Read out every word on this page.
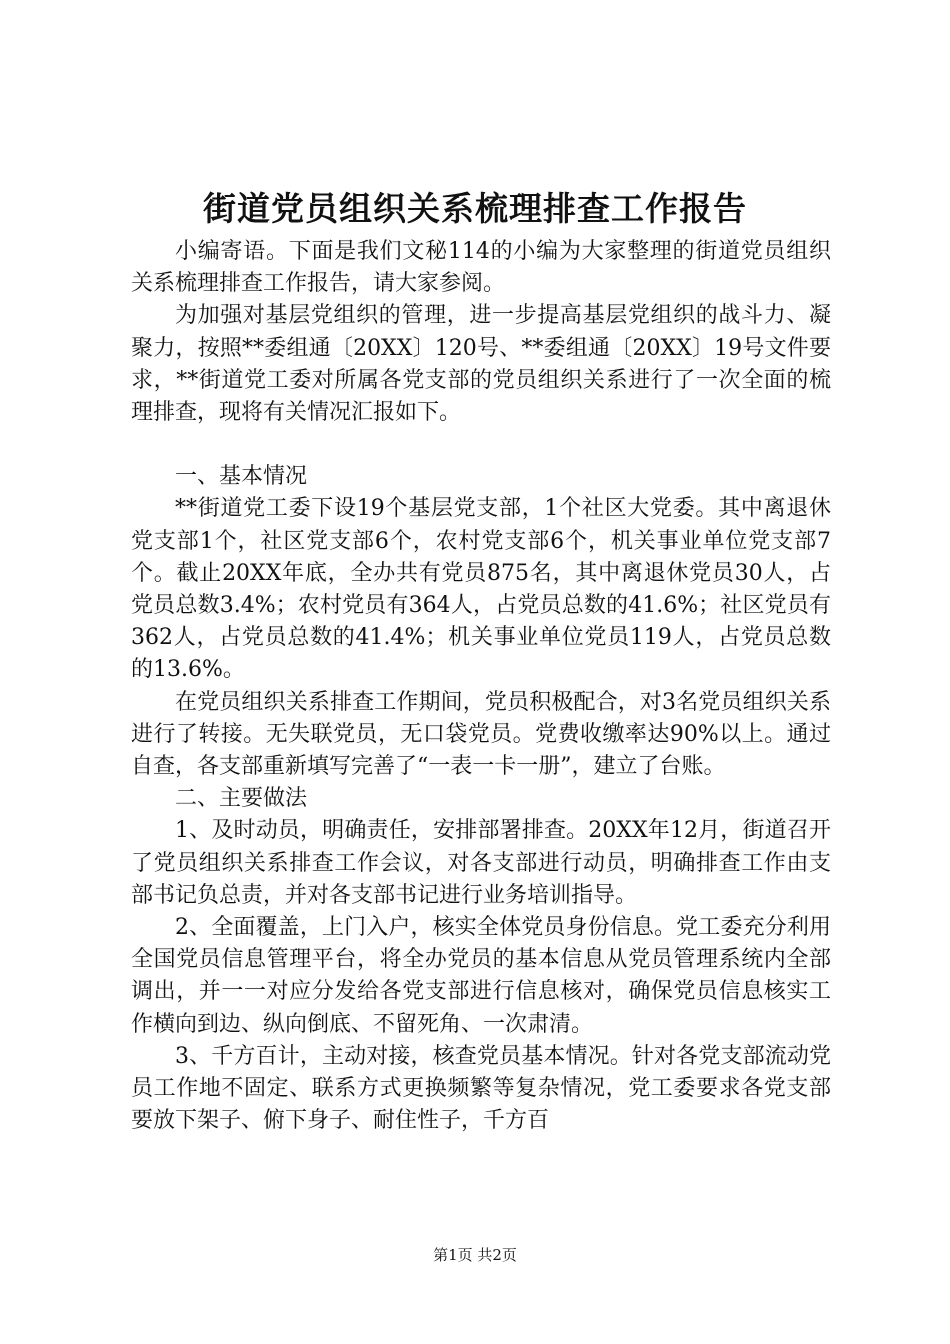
街道党员组织关系梳理排查工作报告

小编寄语。下面是我们文秘114的小编为大家整理的街道党员组织关系梳理排查工作报告，请大家参阅。

为加强对基层党组织的管理，进一步提高基层党组织的战斗力、凝聚力，按照**委组通〔20XX〕120号、**委组通〔20XX〕19号文件要求，**街道党工委对所属各党支部的党员组织关系进行了一次全面的梳理排查，现将有关情况汇报如下。

一、基本情况

**街道党工委下设19个基层党支部，1个社区大党委。其中离退休党支部1个，社区党支部6个，农村党支部6个，机关事业单位党支部7个。截止20XX年底，全办共有党员875名，其中离退休党员30人，占党员总数3.4%；农村党员有364人，占党员总数的41.6%；社区党员有362人，占党员总数的41.4%；机关事业单位党员119人，占党员总数的13.6%。

在党员组织关系排查工作期间，党员积极配合，对3名党员组织关系进行了转接。无失联党员，无口袋党员。党费收缴率达90%以上。通过自查，各支部重新填写完善了“一表一卡一册”，建立了台账。

二、主要做法

1、及时动员，明确责任，安排部署排查。20XX年12月，街道召开了党员组织关系排查工作会议，对各支部进行动员，明确排查工作由支部书记负总责，并对各支部书记进行业务培训指导。

2、全面覆盖，上门入户，核实全体党员身份信息。党工委充分利用全国党员信息管理平台，将全办党员的基本信息从党员管理系统内全部调出，并一一对应分发给各党支部进行信息核对，确保党员信息核实工作横向到边、纵向倒底、不留死角、一次肃清。

3、千方百计，主动对接，核查党员基本情况。针对各党支部流动党员工作地不固定、联系方式更换频繁等复杂情况，党工委要求各党支部要放下架子、俯下身子、耐住性子，千方百

第1页 共2页
